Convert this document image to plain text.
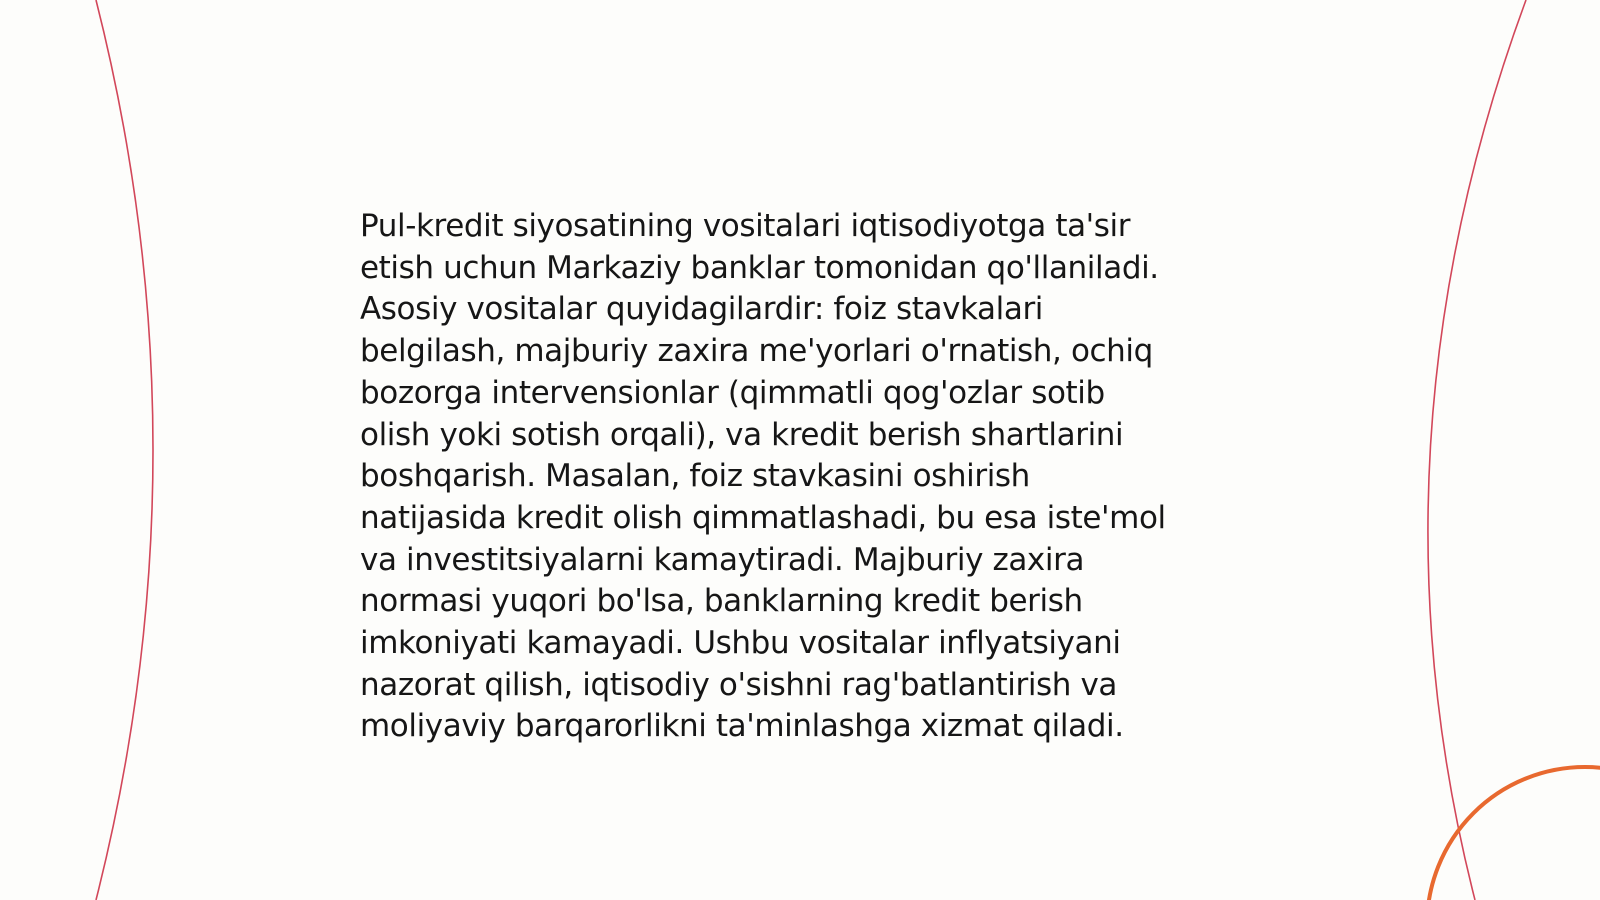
Pul-kredit siyosatining vositalari iqtisodiyotga ta'sir
etish uchun Markaziy banklar tomonidan qo'llaniladi.
Asosiy vositalar quyidagilardir: foiz stavkalari
belgilash, majburiy zaxira me'yorlari o'rnatish, ochiq
bozorga intervensionlar (qimmatli qog'ozlar sotib
olish yoki sotish orqali), va kredit berish shartlarini
boshqarish. Masalan, foiz stavkasini oshirish
natijasida kredit olish qimmatlashadi, bu esa iste'mol
va investitsiyalarni kamaytiradi. Majburiy zaxira
normasi yuqori bo'lsa, banklarning kredit berish
imkoniyati kamayadi. Ushbu vositalar inflyatsiyani
nazorat qilish, iqtisodiy o'sishni rag'batlantirish va
moliyaviy barqarorlikni ta'minlashga xizmat qiladi.
